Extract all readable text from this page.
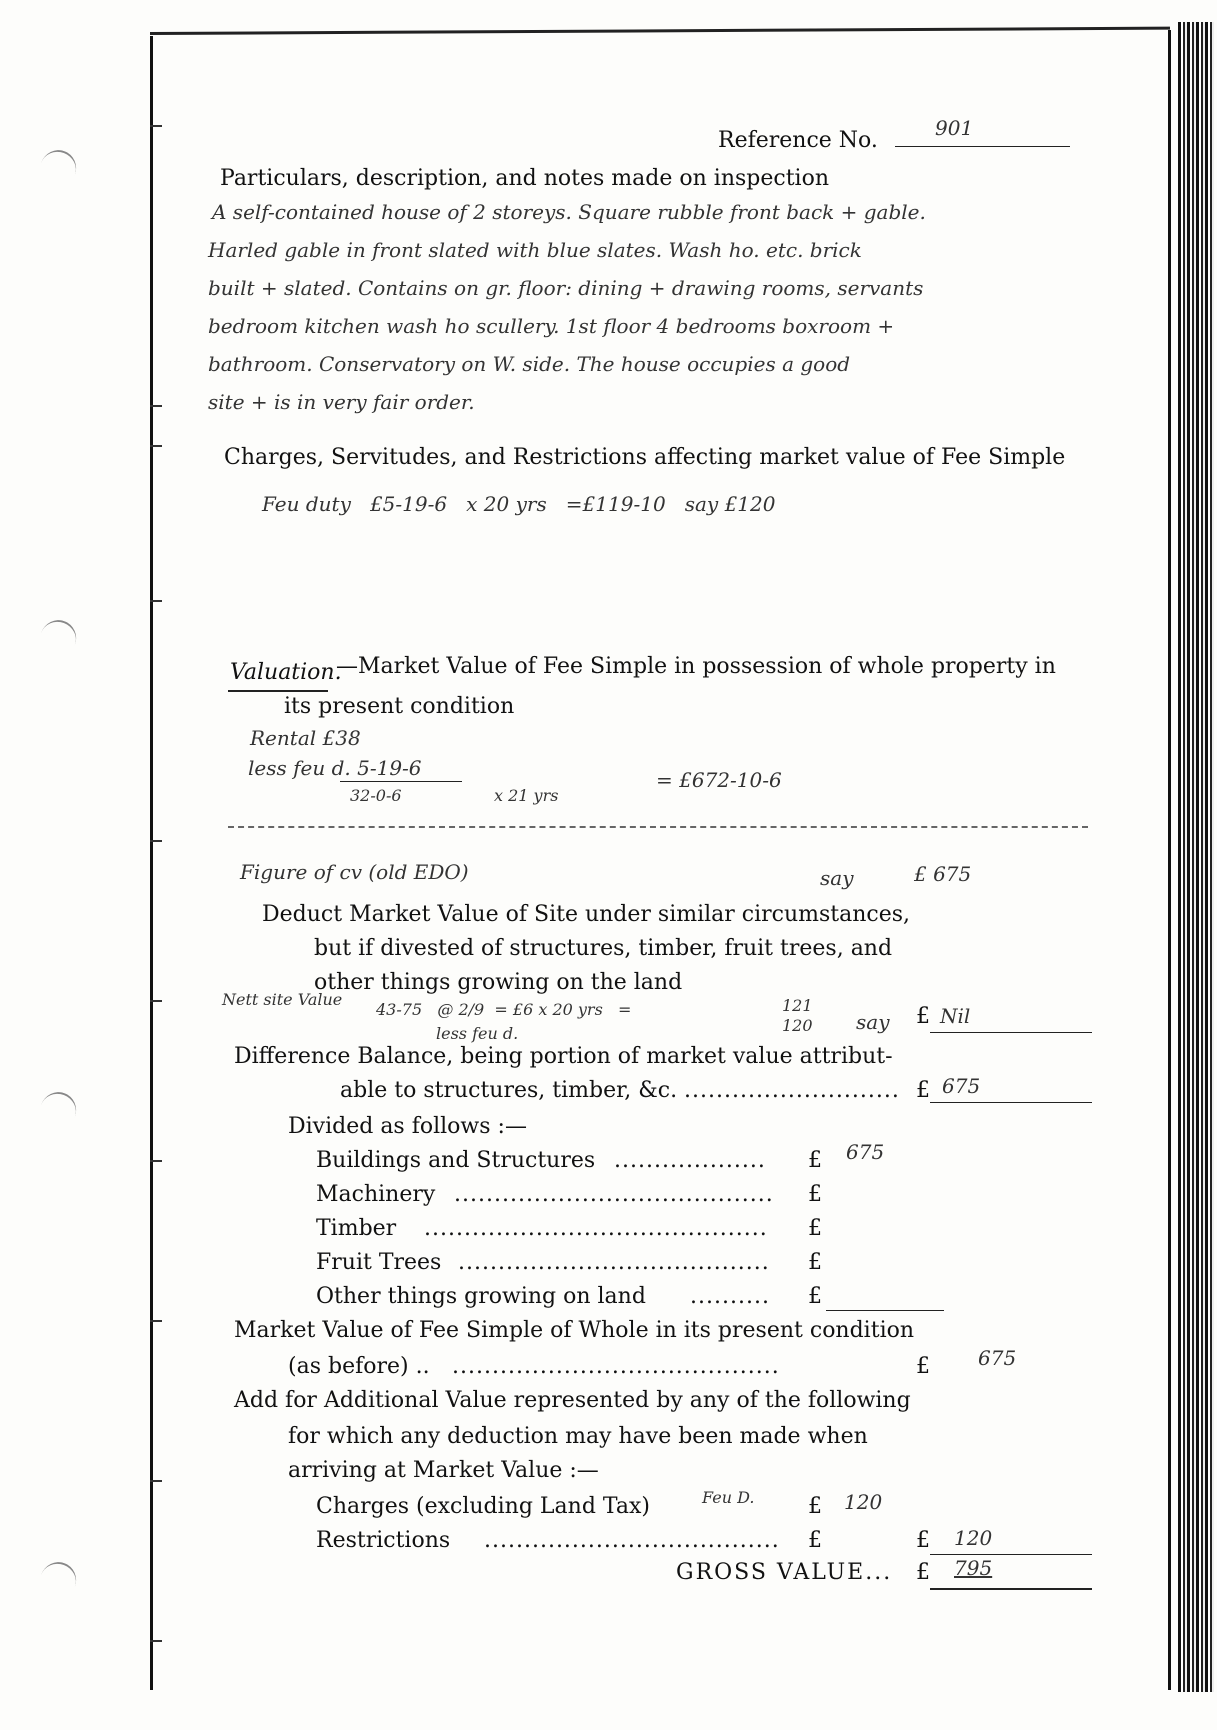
Reference No.	901
Particulars, description, and notes made on inspection
A self-contained house of 2 storeys. Square rubble front back + gable.
Harled gable in front slated with blue slates. Wash ho. etc. brick
built + slated. Contains on gr. floor: dining + drawing rooms, servants
bedroom kitchen wash ho scullery. 1st floor 4 bedrooms boxroom +
bathroom. Conservatory on W. side. The house occupies a good
site + is in very fair order.
Charges, Servitudes, and Restrictions affecting market value of Fee Simple
Feu duty   £5-19-6   x 20 yrs   =£119-10   say £120
Valuation.
—Market Value of Fee Simple in possession of whole property in
its present condition
Rental £38
less feu d. 5-19-6
32-0-6	x 21 yrs
= £672-10-6
Figure of cv (old EDO)	say	£ 675
Deduct Market Value of Site under similar circumstances,
but if divested of structures, timber, fruit trees, and
other things growing on the land
Nett site Value
43-75   @ 2/9  = £6 x 20 yrs   =	121
120
less feu d.	say £ Nil
Difference Balance, being portion of market value attribut-
able to structures, timber, &c. ........................... £ 675
Divided as follows :—
Buildings and Structures ................... £ 675
Machinery ........................................ £
Timber ........................................... £
Fruit Trees ....................................... £
Other things growing on land .......... £
Market Value of Fee Simple of Whole in its present condition
(as before) .. .........................................	£ 675
Add for Additional Value represented by any of the following
for which any deduction may have been made when
arriving at Market Value :—
Charges (excluding Land Tax)	Feu D. £ 120
Restrictions ..................................... £	£ 120
GROSS VALUE... £ 795
